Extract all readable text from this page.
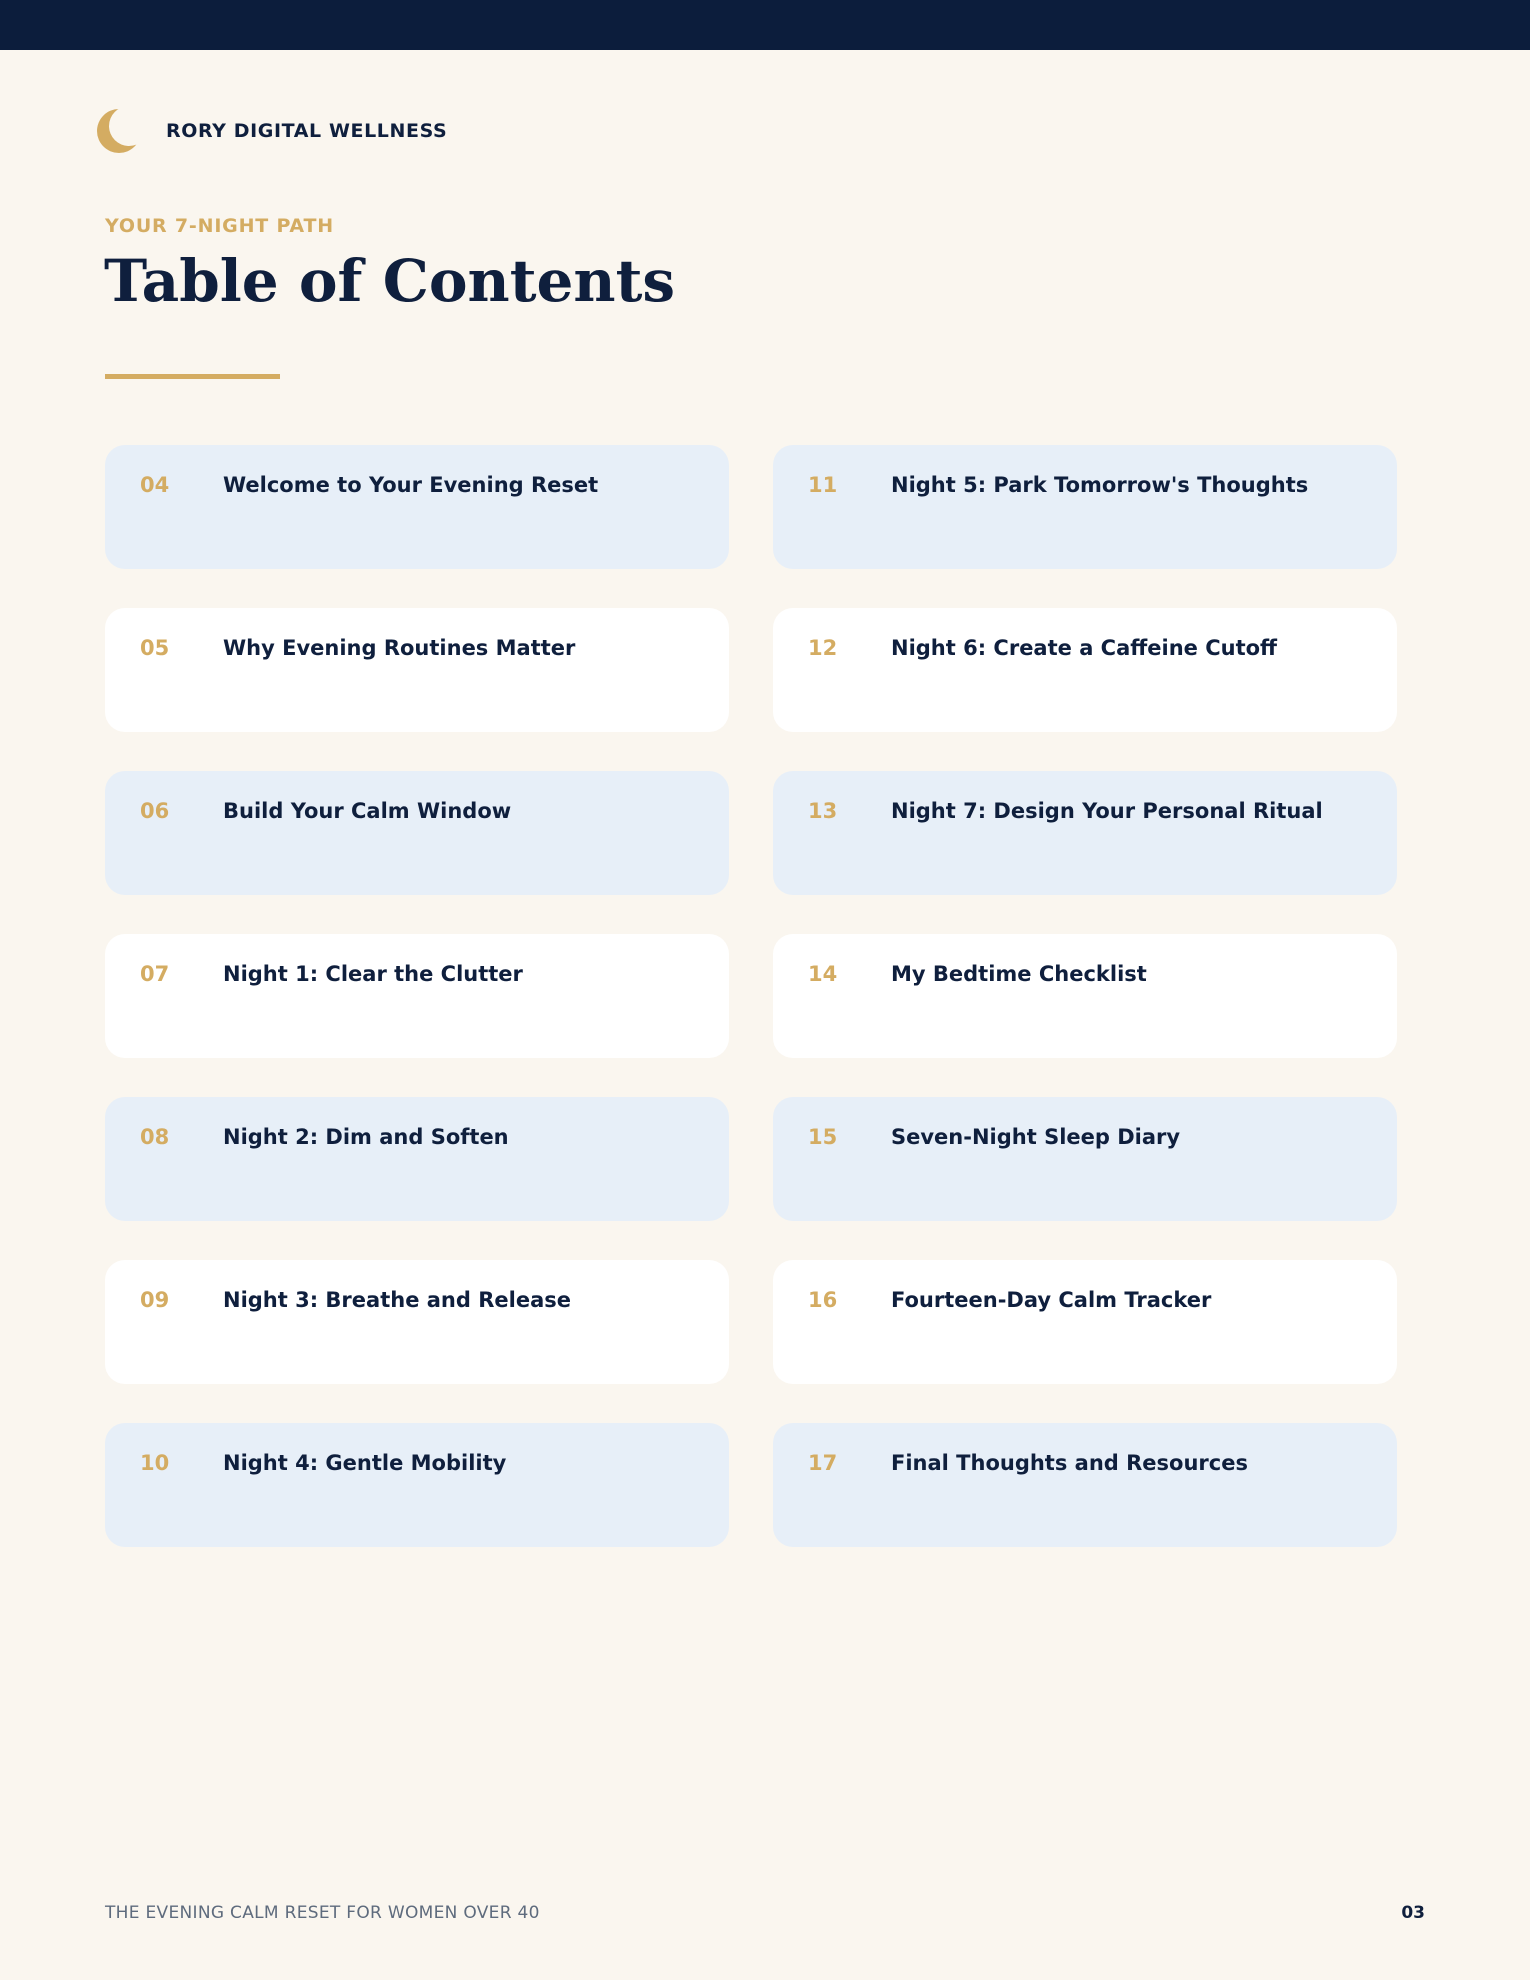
RORY DIGITAL WELLNESS
YOUR 7-NIGHT PATH
Table of Contents
04	Welcome to Your Evening Reset	11	Night 5: Park Tomorrow's Thoughts
05	Why Evening Routines Matter	12	Night 6: Create a Caffeine Cutoff
06	Build Your Calm Window	13	Night 7: Design Your Personal Ritual
07	Night 1: Clear the Clutter	14	My Bedtime Checklist
08	Night 2: Dim and Soften	15	Seven-Night Sleep Diary
09	Night 3: Breathe and Release	16	Fourteen-Day Calm Tracker
10	Night 4: Gentle Mobility	17	Final Thoughts and Resources
THE EVENING CALM RESET FOR WOMEN OVER 40	03
